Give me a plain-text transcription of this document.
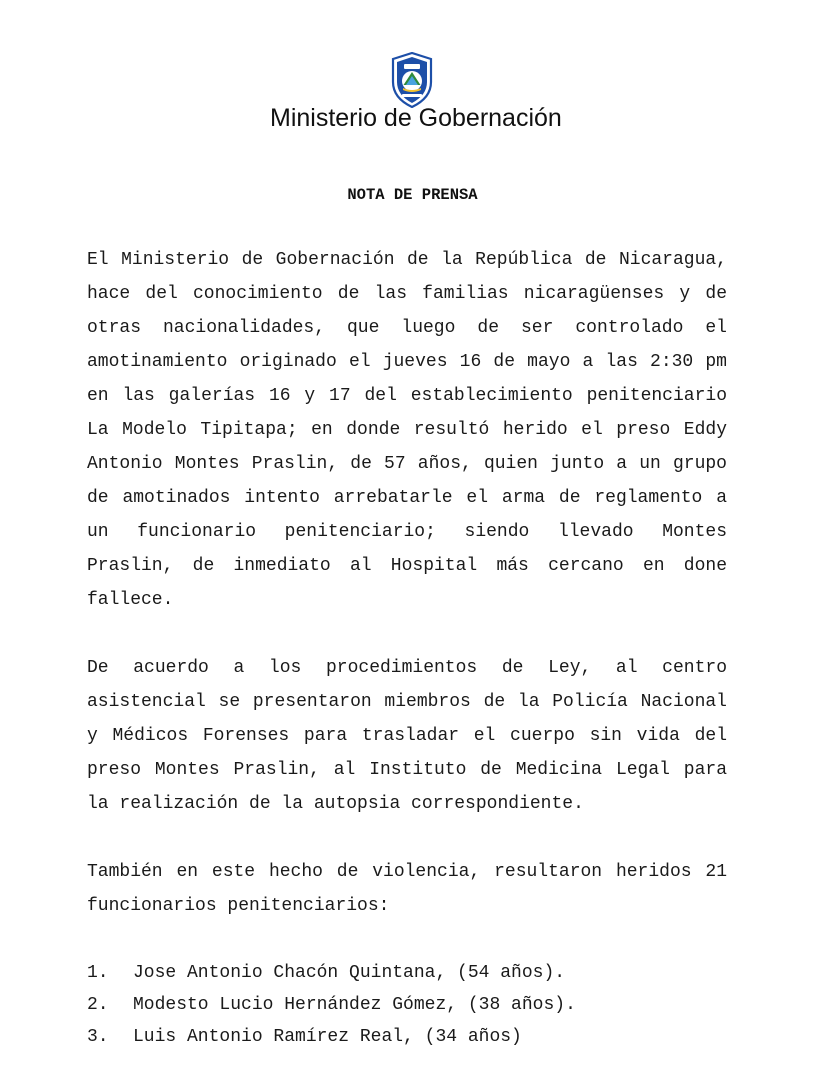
Ministerio de Gobernación
NOTA DE PRENSA

El Ministerio de Gobernación de la República de Nicaragua, hace del conocimiento de las familias nicaragüenses y de otras nacionalidades, que luego de ser controlado el amotinamiento originado el jueves 16 de mayo a las 2:30 pm en las galerías 16 y 17 del establecimiento penitenciario La Modelo Tipitapa; en donde resultó herido el preso Eddy Antonio Montes Praslin, de 57 años, quien junto a un grupo de amotinados intento arrebatarle el arma de reglamento a un funcionario penitenciario; siendo llevado Montes Praslin, de inmediato al Hospital más cercano en done fallece.

De acuerdo a los procedimientos de Ley, al centro asistencial se presentaron miembros de la Policía Nacional y Médicos Forenses para trasladar el cuerpo sin vida del preso Montes Praslin, al Instituto de Medicina Legal para la realización de la autopsia correspondiente.

También en este hecho de violencia, resultaron heridos 21 funcionarios penitenciarios:

1.	Jose Antonio Chacón Quintana, (54 años).
2.	Modesto Lucio Hernández Gómez, (38 años).
3.	Luis Antonio Ramírez Real, (34 años)
